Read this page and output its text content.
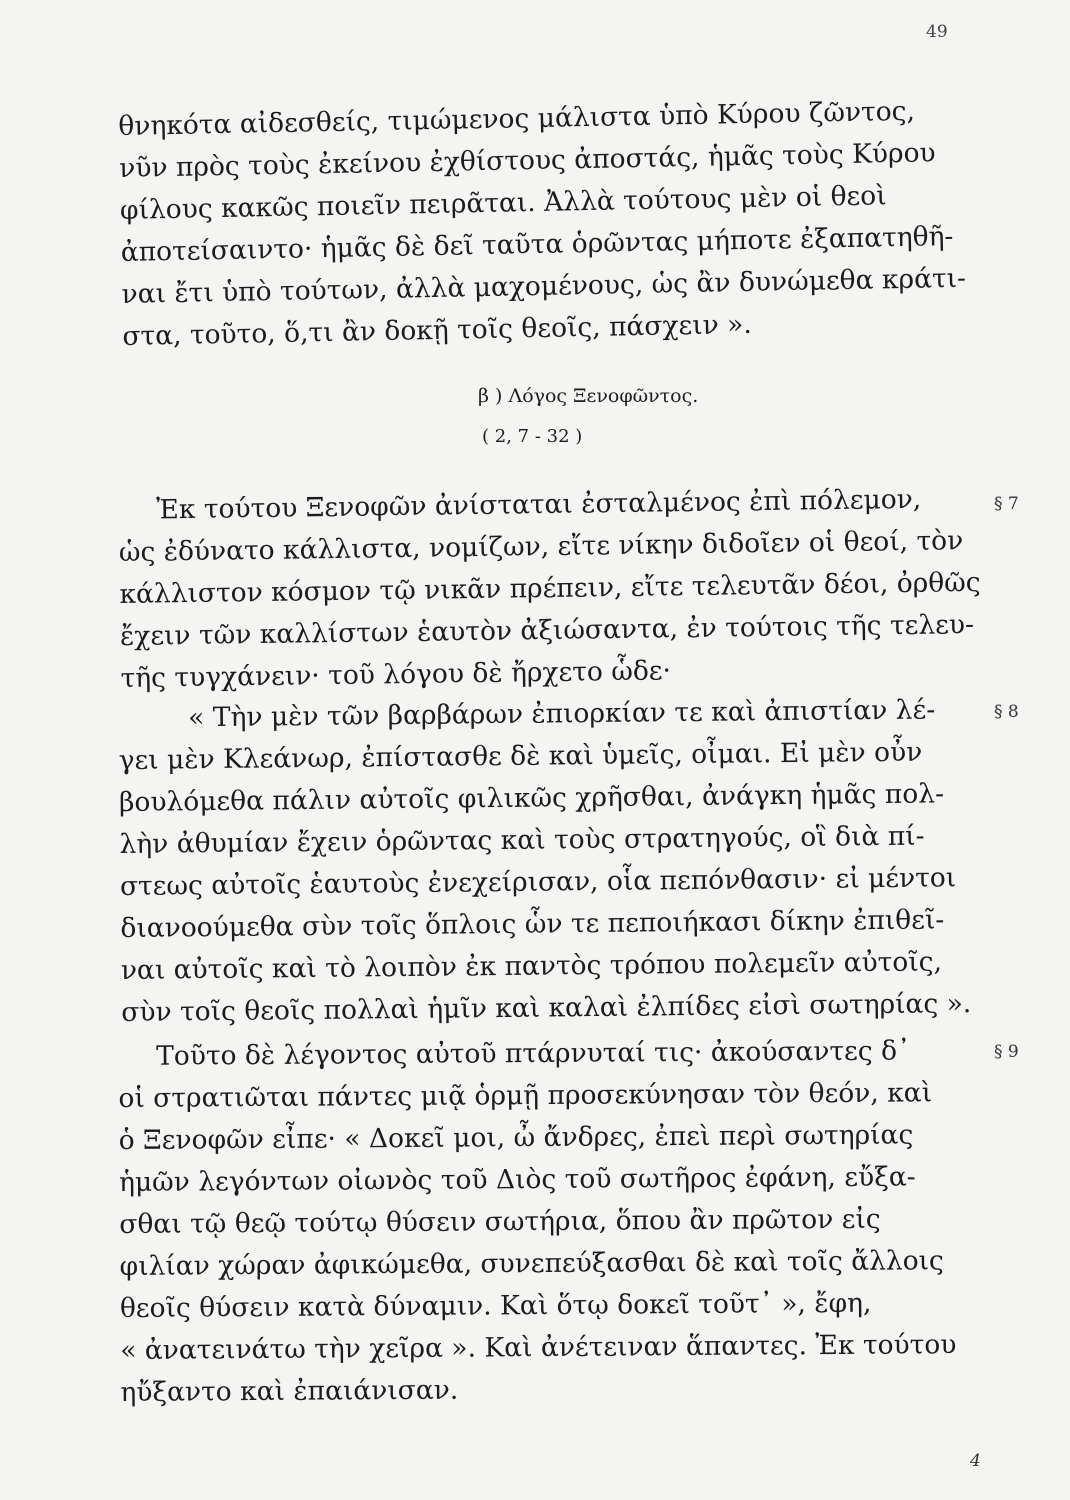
49
θνηκότα αἰδεσθείς, τιμώμενος μάλιστα ὑπὸ Κύρου ζῶντος,
νῦν πρὸς τοὺς ἐκείνου ἐχθίστους ἀποστάς, ἡμᾶς τοὺς Κύρου
φίλους κακῶς ποιεῖν πειρᾶται. Ἀλλὰ τούτους μὲν οἱ θεοὶ
ἀποτείσαιντο· ἡμᾶς δὲ δεῖ ταῦτα ὁρῶντας μήποτε ἐξαπατηθῆ-
ναι ἔτι ὑπὸ τούτων, ἀλλὰ μαχομένους, ὡς ἂν δυνώμεθα κράτι-
στα, τοῦτο, ὅ,τι ἂν δοκῇ τοῖς θεοῖς, πάσχειν ».
β ) Λόγος Ξενοφῶντος.
( 2, 7 - 32 )
Ἐκ τούτου Ξενοφῶν ἀνίσταται ἐσταλμένος ἐπὶ πόλεμον,
ὡς ἐδύνατο κάλλιστα, νομίζων, εἴτε νίκην διδοῖεν οἱ θεοί, τὸν
κάλλιστον κόσμον τῷ νικᾶν πρέπειν, εἴτε τελευτᾶν δέοι, ὀρθῶς
ἔχειν τῶν καλλίστων ἑαυτὸν ἀξιώσαντα, ἐν τούτοις τῆς τελευ-
τῆς τυγχάνειν· τοῦ λόγου δὲ ἤρχετο ὧδε·
« Τὴν μὲν τῶν βαρβάρων ἐπιορκίαν τε καὶ ἀπιστίαν λέ-
γει μὲν Κλεάνωρ, ἐπίστασθε δὲ καὶ ὑμεῖς, οἶμαι. Εἰ μὲν οὖν
βουλόμεθα πάλιν αὐτοῖς φιλικῶς χρῆσθαι, ἀνάγκη ἡμᾶς πολ-
λὴν ἀθυμίαν ἔχειν ὁρῶντας καὶ τοὺς στρατηγούς, οἳ διὰ πί-
στεως αὐτοῖς ἑαυτοὺς ἐνεχείρισαν, οἷα πεπόνθασιν· εἰ μέντοι
διανοούμεθα σὺν τοῖς ὅπλοις ὧν τε πεποιήκασι δίκην ἐπιθεῖ-
ναι αὐτοῖς καὶ τὸ λοιπὸν ἐκ παντὸς τρόπου πολεμεῖν αὐτοῖς,
σὺν τοῖς θεοῖς πολλαὶ ἡμῖν καὶ καλαὶ ἐλπίδες εἰσὶ σωτηρίας ».
Τοῦτο δὲ λέγοντος αὐτοῦ πτάρνυταί τις· ἀκούσαντες δ᾿
οἱ στρατιῶται πάντες μιᾷ ὁρμῇ προσεκύνησαν τὸν θεόν, καὶ
ὁ Ξενοφῶν εἶπε· « Δοκεῖ μοι, ὦ ἄνδρες, ἐπεὶ περὶ σωτηρίας
ἡμῶν λεγόντων οἰωνὸς τοῦ Διὸς τοῦ σωτῆρος ἐφάνη, εὔξα-
σθαι τῷ θεῷ τούτῳ θύσειν σωτήρια, ὅπου ἂν πρῶτον εἰς
φιλίαν χώραν ἀφικώμεθα, συνεπεύξασθαι δὲ καὶ τοῖς ἄλλοις
θεοῖς θύσειν κατὰ δύναμιν. Καὶ ὅτῳ δοκεῖ τοῦτ᾿ », ἔφη,
« ἀνατεινάτω τὴν χεῖρα ». Καὶ ἀνέτειναν ἅπαντες. Ἐκ τούτου
ηὔξαντο καὶ ἐπαιάνισαν.
§ 7
§ 8
§ 9
4
